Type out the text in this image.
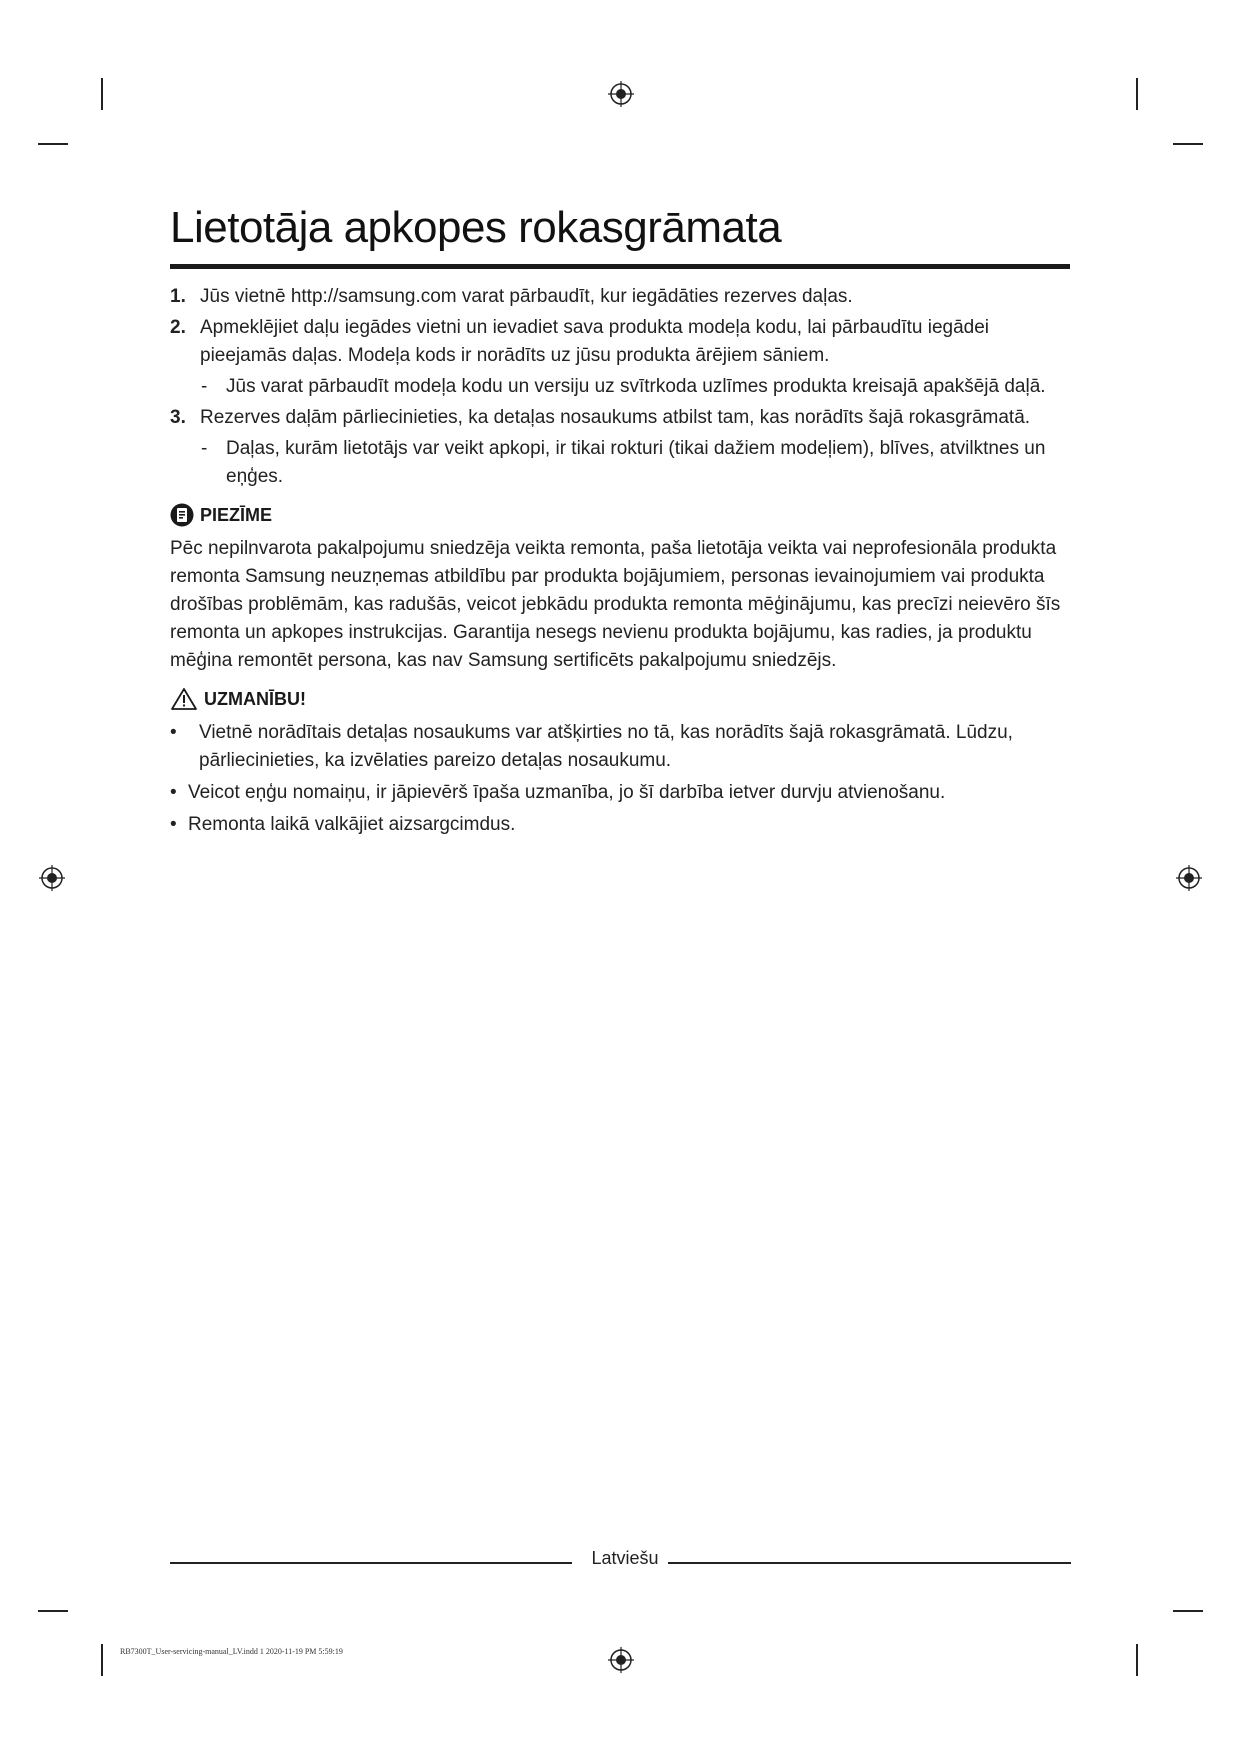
Lietotāja apkopes rokasgrāmata
1. Jūs vietnē http://samsung.com varat pārbaudīt, kur iegādāties rezerves daļas.
2. Apmeklējiet daļu iegādes vietni un ievadiet sava produkta modeļa kodu, lai pārbaudītu iegādei pieejamās daļas. Modeļa kods ir norādīts uz jūsu produkta ārējiem sāniem.
- Jūs varat pārbaudīt modeļa kodu un versiju uz svītrkoda uzlīmes produkta kreisajā apakšējā daļā.
3. Rezerves daļām pārliecinieties, ka detaļas nosaukums atbilst tam, kas norādīts šajā rokasgrāmatā.
- Daļas, kurām lietotājs var veikt apkopi, ir tikai rokturi (tikai dažiem modeļiem), blīves, atvilktnes un eņģes.
PIEZĪME

Pēc nepilnvarota pakalpojumu sniedzēja veikta remonta, paša lietotāja veikta vai neprofesionāla produkta remonta Samsung neuzņemas atbildību par produkta bojājumiem, personas ievainojumiem vai produkta drošības problēmām, kas radušās, veicot jebkādu produkta remonta mēģinājumu, kas precīzi neievēro šīs remonta un apkopes instrukcijas. Garantija nesegs nevienu produkta bojājumu, kas radies, ja produktu mēģina remontēt persona, kas nav Samsung sertificēts pakalpojumu sniedzējs.

UZMANĪBU!
• Vietnē norādītais detaļas nosaukums var atšķirties no tā, kas norādīts šajā rokasgrāmatā. Lūdzu, pārliecinieties, ka izvēlaties pareizo detaļas nosaukumu.
• Veicot eņģu nomaiņu, ir jāpievērš īpaša uzmanība, jo šī darbība ietver durvju atvienošanu.
• Remonta laikā valkājiet aizsargcimdus.
Latviešu
RB7300T_User-servicing-manual_LV.indd 1 2020-11-19 PM 5:59:19
